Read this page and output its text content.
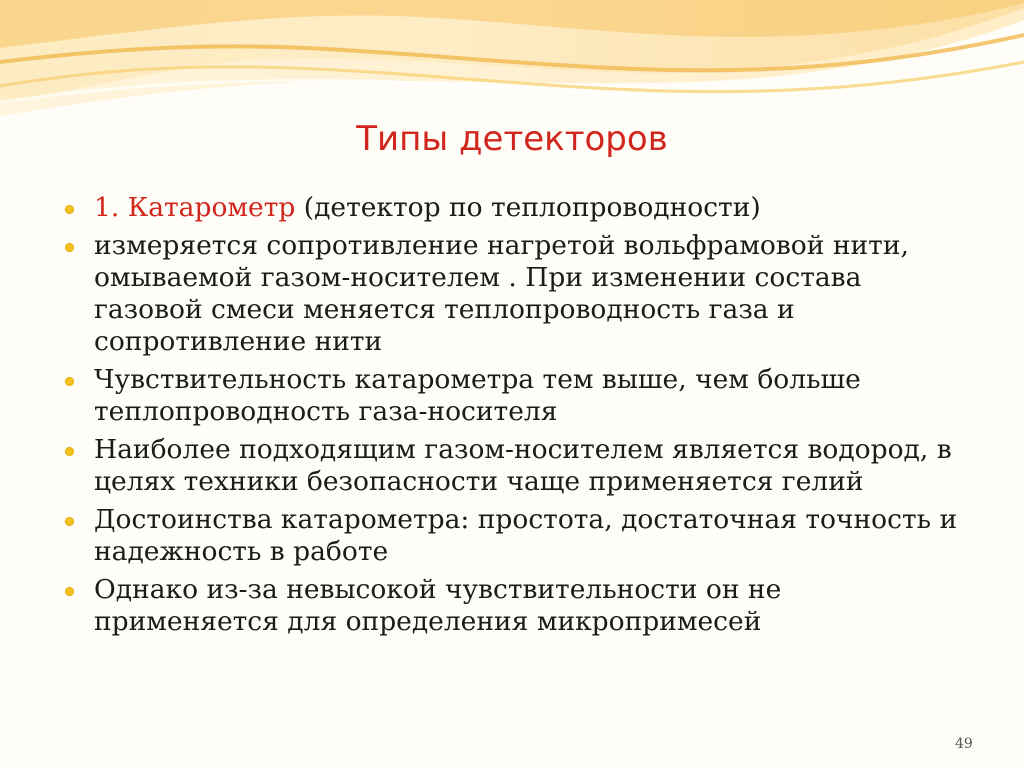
Типы детекторов
1. Катарометр (детектор по теплопроводности)
измеряется сопротивление нагретой вольфрамовой нити, омываемой газом-носителем . При изменении состава газовой смеси меняется теплопроводность газа и сопротивление нити
Чувствительность катарометра тем выше, чем больше теплопроводность газа-носителя
Наиболее подходящим газом-носителем является водород, в целях техники безопасности чаще применяется гелий
Достоинства катарометра: простота, достаточная точность и надежность в работе
Однако из-за невысокой чувствительности он не применяется для определения микропримесей
49
